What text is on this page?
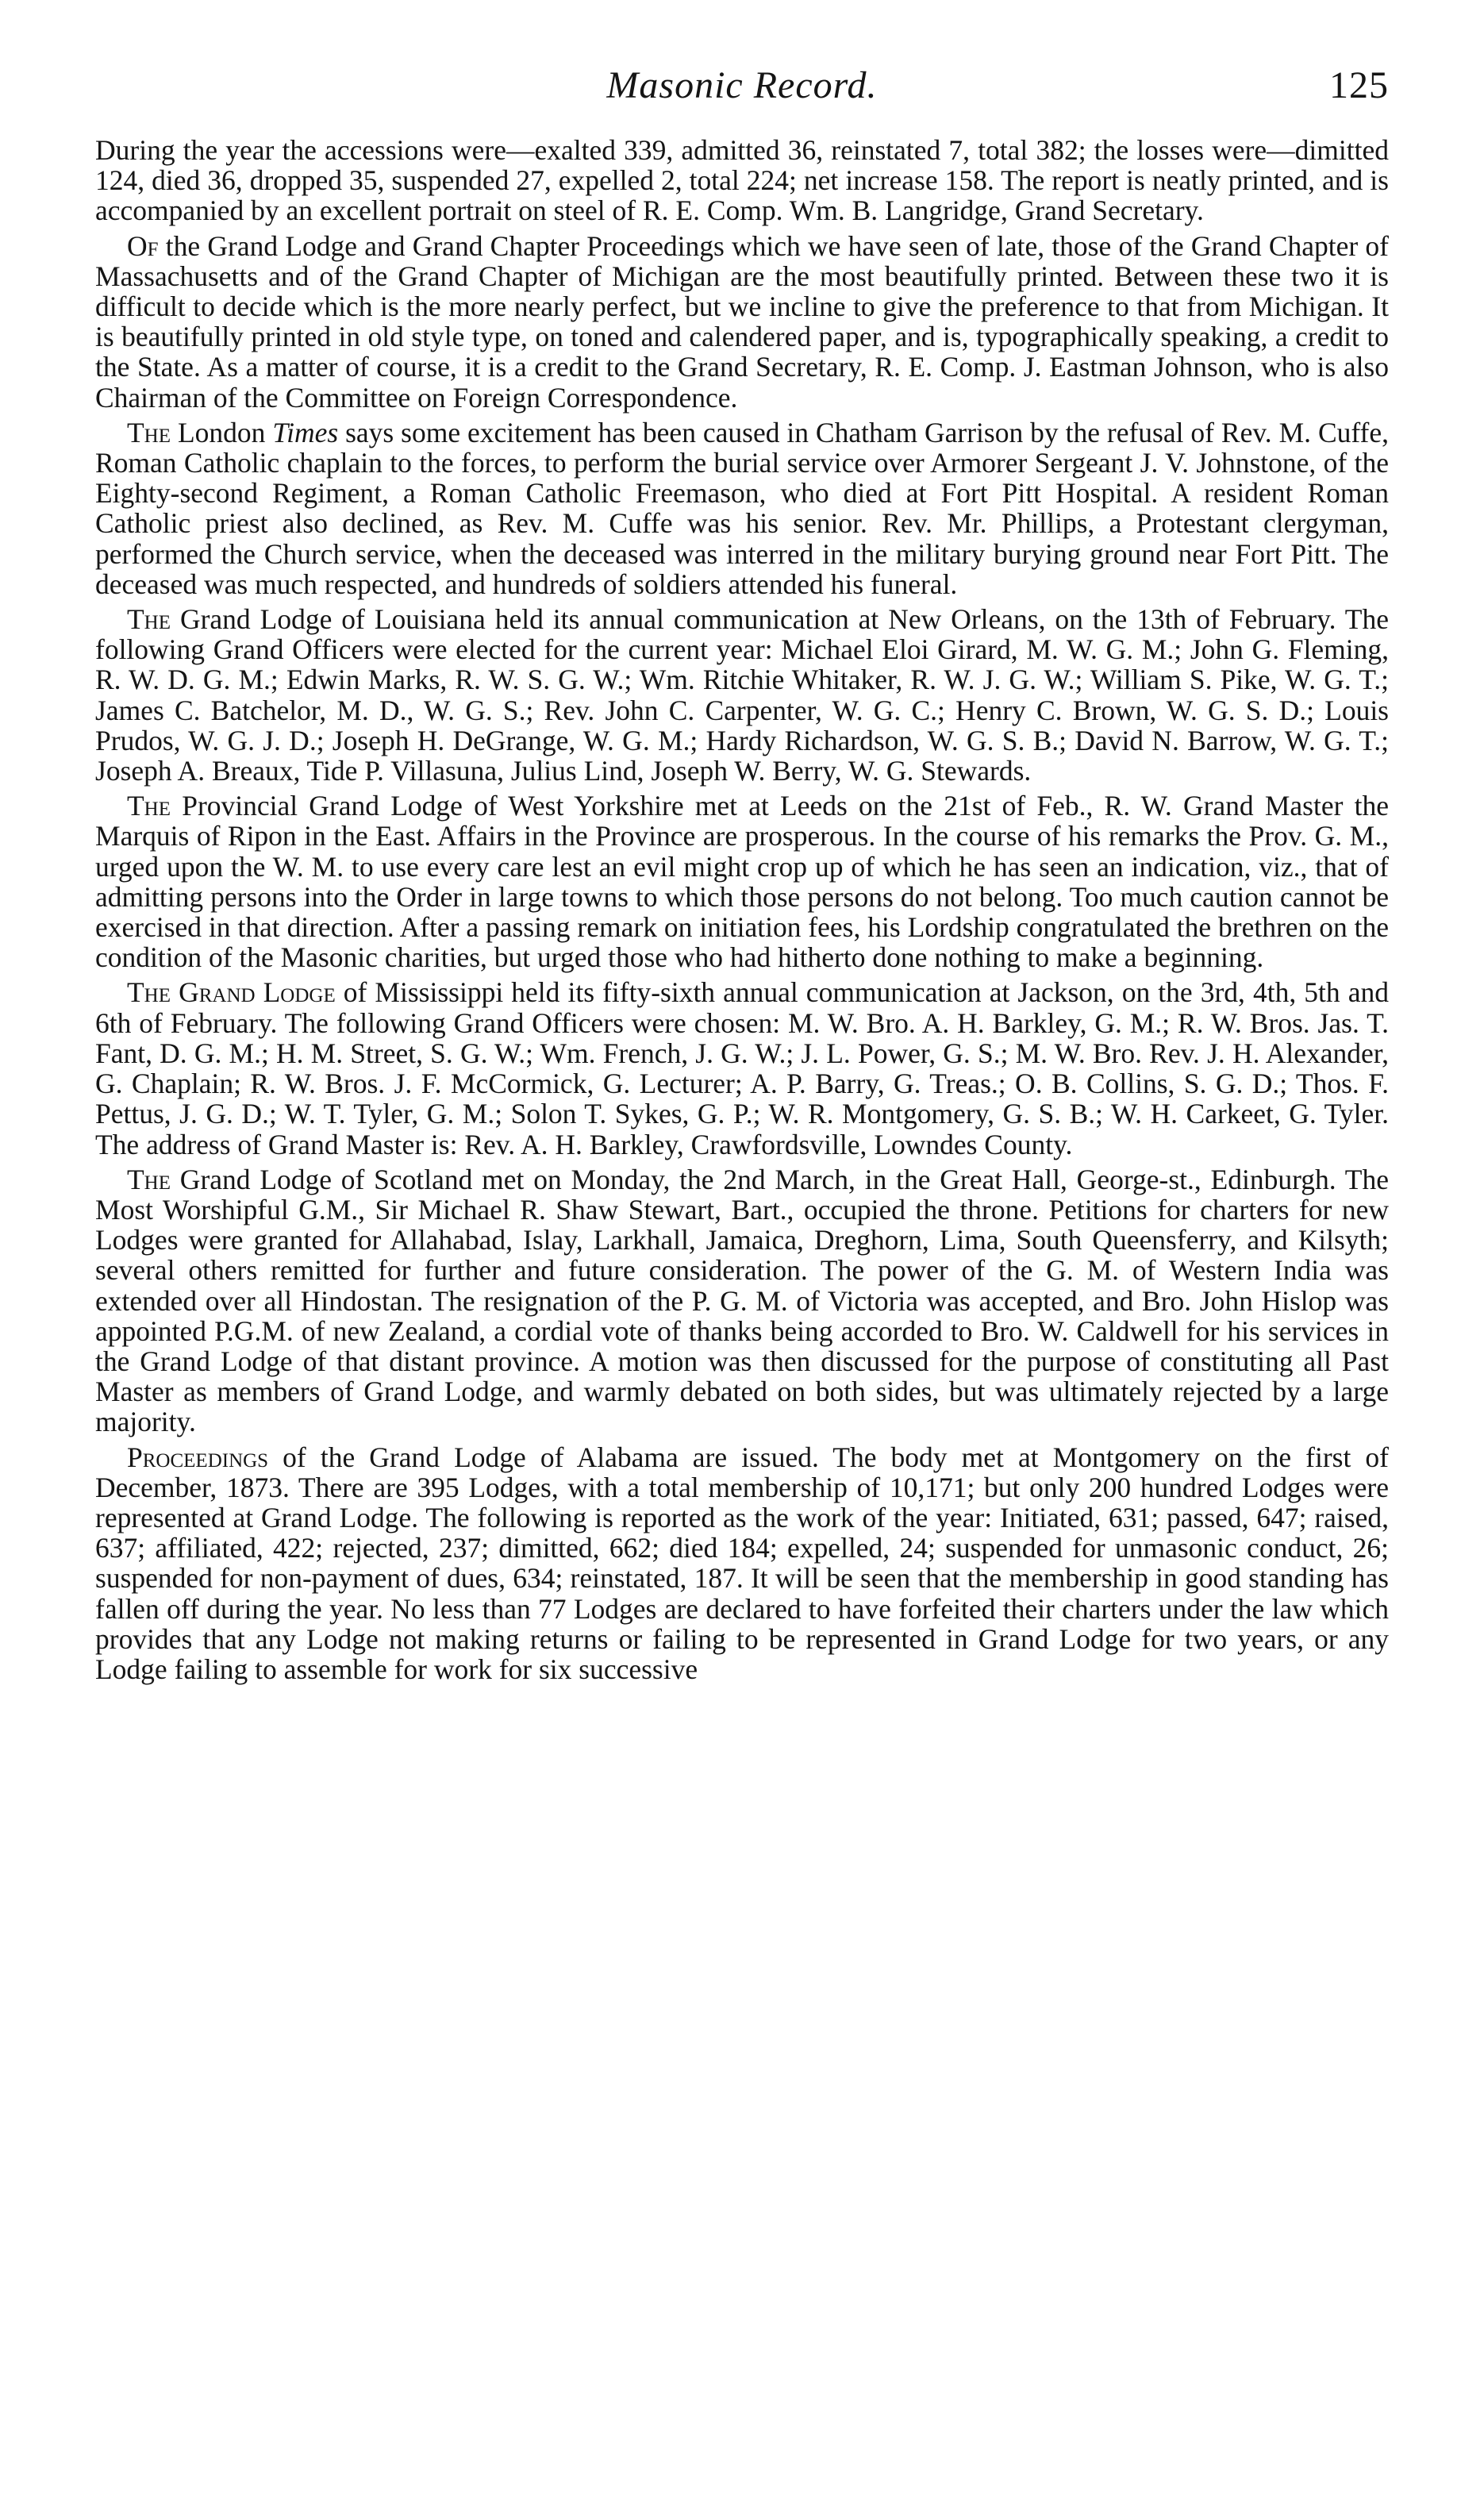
Masonic Record.	125

During the year the accessions were—exalted 339, admitted 36, reinstated 7, total 382; the losses were—dimitted 124, died 36, dropped 35, suspended 27, expelled 2, total 224; net increase 158. The report is neatly printed, and is accompanied by an excellent portrait on steel of R. E. Comp. Wm. B. Langridge, Grand Secretary.

Of the Grand Lodge and Grand Chapter Proceedings which we have seen of late, those of the Grand Chapter of Massachusetts and of the Grand Chapter of Michigan are the most beautifully printed. Between these two it is difficult to decide which is the more nearly perfect, but we incline to give the preference to that from Michigan. It is beautifully printed in old style type, on toned and calendered paper, and is, typographically speaking, a credit to the State. As a matter of course, it is a credit to the Grand Secretary, R. E. Comp. J. Eastman Johnson, who is also Chairman of the Committee on Foreign Correspondence.

The London Times says some excitement has been caused in Chatham Garrison by the refusal of Rev. M. Cuffe, Roman Catholic chaplain to the forces, to perform the burial service over Armorer Sergeant J. V. Johnstone, of the Eighty-second Regiment, a Roman Catholic Freemason, who died at Fort Pitt Hospital. A resident Roman Catholic priest also declined, as Rev. M. Cuffe was his senior. Rev. Mr. Phillips, a Protestant clergyman, performed the Church service, when the deceased was interred in the military burying ground near Fort Pitt. The deceased was much respected, and hundreds of soldiers attended his funeral.

The Grand Lodge of Louisiana held its annual communication at New Orleans, on the 13th of February. The following Grand Officers were elected for the current year: Michael Eloi Girard, M. W. G. M.; John G. Fleming, R. W. D. G. M.; Edwin Marks, R. W. S. G. W.; Wm. Ritchie Whitaker, R. W. J. G. W.; William S. Pike, W. G. T.; James C. Batchelor, M. D., W. G. S.; Rev. John C. Carpenter, W. G. C.; Henry C. Brown, W. G. S. D.; Louis Prudos, W. G. J. D.; Joseph H. DeGrange, W. G. M.; Hardy Richardson, W. G. S. B.; David N. Barrow, W. G. T.; Joseph A. Breaux, Tide P. Villasuna, Julius Lind, Joseph W. Berry, W. G. Stewards.

The Provincial Grand Lodge of West Yorkshire met at Leeds on the 21st of Feb., R. W. Grand Master the Marquis of Ripon in the East. Affairs in the Province are prosperous. In the course of his remarks the Prov. G. M., urged upon the W. M. to use every care lest an evil might crop up of which he has seen an indication, viz., that of admitting persons into the Order in large towns to which those persons do not belong. Too much caution cannot be exercised in that direction. After a passing remark on initiation fees, his Lordship congratulated the brethren on the condition of the Masonic charities, but urged those who had hitherto done nothing to make a beginning.

The Grand Lodge of Mississippi held its fifty-sixth annual communication at Jackson, on the 3rd, 4th, 5th and 6th of February. The following Grand Officers were chosen: M. W. Bro. A. H. Barkley, G. M.; R. W. Bros. Jas. T. Fant, D. G. M.; H. M. Street, S. G. W.; Wm. French, J. G. W.; J. L. Power, G. S.; M. W. Bro. Rev. J. H. Alexander, G. Chaplain; R. W. Bros. J. F. McCormick, G. Lecturer; A. P. Barry, G. Treas.; O. B. Collins, S. G. D.; Thos. F. Pettus, J. G. D.; W. T. Tyler, G. M.; Solon T. Sykes, G. P.; W. R. Montgomery, G. S. B.; W. H. Carkeet, G. Tyler. The address of Grand Master is: Rev. A. H. Barkley, Crawfordsville, Lowndes County.

The Grand Lodge of Scotland met on Monday, the 2nd March, in the Great Hall, George-st., Edinburgh. The Most Worshipful G.M., Sir Michael R. Shaw Stewart, Bart., occupied the throne. Petitions for charters for new Lodges were granted for Allahabad, Islay, Larkhall, Jamaica, Dreghorn, Lima, South Queensferry, and Kilsyth; several others remitted for further and future consideration. The power of the G. M. of Western India was extended over all Hindostan. The resignation of the P. G. M. of Victoria was accepted, and Bro. John Hislop was appointed P.G.M. of new Zealand, a cordial vote of thanks being accorded to Bro. W. Caldwell for his services in the Grand Lodge of that distant province. A motion was then discussed for the purpose of constituting all Past Master as members of Grand Lodge, and warmly debated on both sides, but was ultimately rejected by a large majority.

Proceedings of the Grand Lodge of Alabama are issued. The body met at Montgomery on the first of December, 1873. There are 395 Lodges, with a total membership of 10,171; but only 200 hundred Lodges were represented at Grand Lodge. The following is reported as the work of the year: Initiated, 631; passed, 647; raised, 637; affiliated, 422; rejected, 237; dimitted, 662; died 184; expelled, 24; suspended for unmasonic conduct, 26; suspended for non-payment of dues, 634; reinstated, 187. It will be seen that the membership in good standing has fallen off during the year. No less than 77 Lodges are declared to have forfeited their charters under the law which provides that any Lodge not making returns or failing to be represented in Grand Lodge for two years, or any Lodge failing to assemble for work for six successive
